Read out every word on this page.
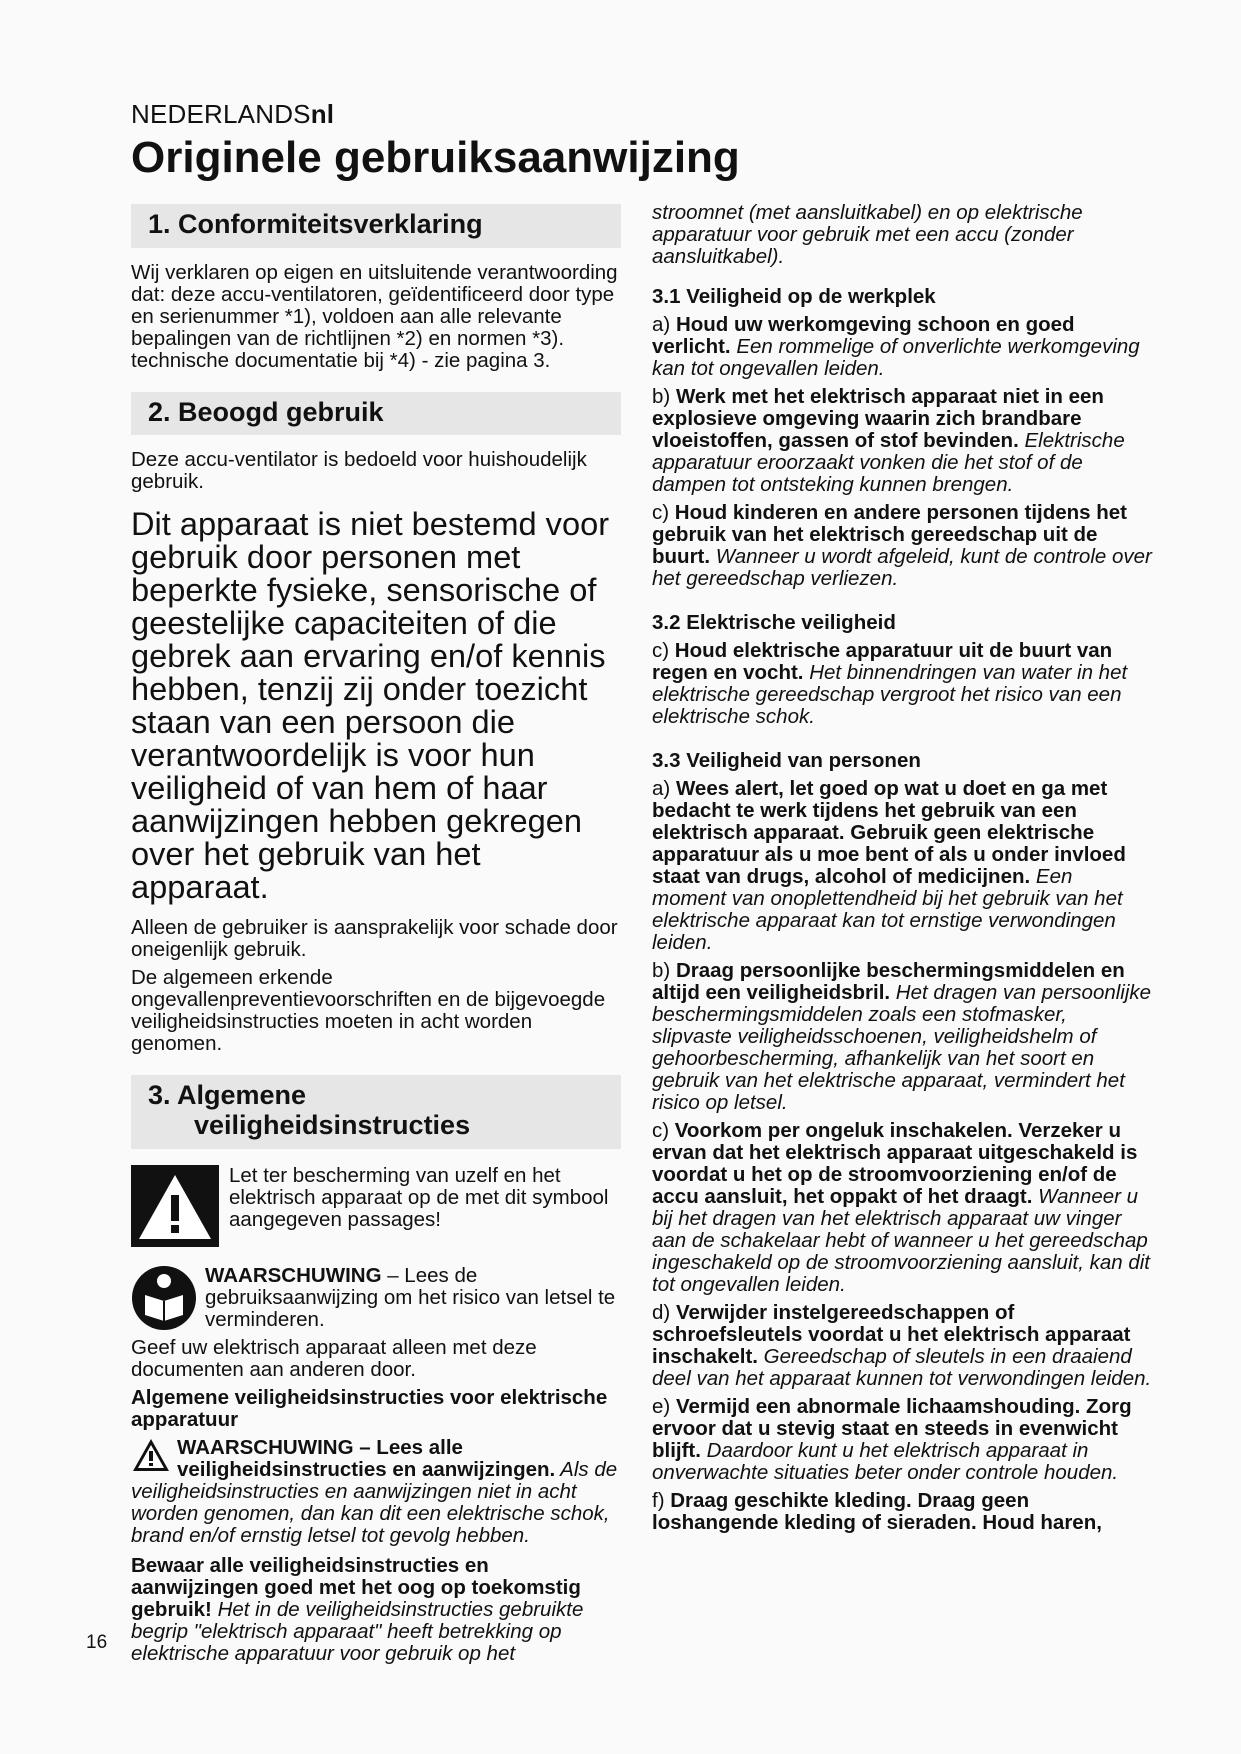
NEDERLANDSnl
Originele gebruiksaanwijzing
1. Conformiteitsverklaring

Wij verklaren op eigen en uitsluitende verantwoording dat: deze accu-ventilatoren, geïdentificeerd door type en serienummer *1), voldoen aan alle relevante bepalingen van de richtlijnen *2) en normen *3). technische documentatie bij *4) - zie pagina 3.

2. Beoogd gebruik

Deze accu-ventilator is bedoeld voor huishoudelijk gebruik.

Dit apparaat is niet bestemd voor gebruik door personen met beperkte fysieke, sensorische of geestelijke capaciteiten of die gebrek aan ervaring en/of kennis hebben, tenzij zij onder toezicht staan van een persoon die verantwoordelijk is voor hun veiligheid of van hem of haar aanwijzingen hebben gekregen over het gebruik van het apparaat.

Alleen de gebruiker is aansprakelijk voor schade door oneigenlijk gebruik.

De algemeen erkende ongevallenpreventievoorschriften en de bijgevoegde veiligheidsinstructies moeten in acht worden genomen.

3. Algemene
veiligheidsinstructies

Let ter bescherming van uzelf en het elektrisch apparaat op de met dit symbool aangegeven passages!

WAARSCHUWING – Lees de gebruiksaanwijzing om het risico van letsel te verminderen.

Geef uw elektrisch apparaat alleen met deze documenten aan anderen door.

Algemene veiligheidsinstructies voor elektrische apparatuur

WAARSCHUWING – Lees alle veiligheidsinstructies en aanwijzingen. Als de veiligheidsinstructies en aanwijzingen niet in acht worden genomen, dan kan dit een elektrische schok, brand en/of ernstig letsel tot gevolg hebben.

Bewaar alle veiligheidsinstructies en aanwijzingen goed met het oog op toekomstig gebruik! Het in de veiligheidsinstructies gebruikte begrip "elektrisch apparaat" heeft betrekking op elektrische apparatuur voor gebruik op het

stroomnet (met aansluitkabel) en op elektrische apparatuur voor gebruik met een accu (zonder aansluitkabel).

3.1 Veiligheid op de werkplek

a) Houd uw werkomgeving schoon en goed verlicht. Een rommelige of onverlichte werkomgeving kan tot ongevallen leiden.

b) Werk met het elektrisch apparaat niet in een explosieve omgeving waarin zich brandbare vloeistoffen, gassen of stof bevinden. Elektrische apparatuur eroorzaakt vonken die het stof of de dampen tot ontsteking kunnen brengen.

c) Houd kinderen en andere personen tijdens het gebruik van het elektrisch gereedschap uit de buurt. Wanneer u wordt afgeleid, kunt de controle over het gereedschap verliezen.

3.2 Elektrische veiligheid

c) Houd elektrische apparatuur uit de buurt van regen en vocht. Het binnendringen van water in het elektrische gereedschap vergroot het risico van een elektrische schok.

3.3 Veiligheid van personen

a) Wees alert, let goed op wat u doet en ga met bedacht te werk tijdens het gebruik van een elektrisch apparaat. Gebruik geen elektrische apparatuur als u moe bent of als u onder invloed staat van drugs, alcohol of medicijnen. Een moment van onoplettendheid bij het gebruik van het elektrische apparaat kan tot ernstige verwondingen leiden.

b) Draag persoonlijke beschermingsmiddelen en altijd een veiligheidsbril. Het dragen van persoonlijke beschermingsmiddelen zoals een stofmasker, slipvaste veiligheidsschoenen, veiligheidshelm of gehoorbescherming, afhankelijk van het soort en gebruik van het elektrische apparaat, vermindert het risico op letsel.

c) Voorkom per ongeluk inschakelen. Verzeker u ervan dat het elektrisch apparaat uitgeschakeld is voordat u het op de stroomvoorziening en/of de accu aansluit, het oppakt of het draagt. Wanneer u bij het dragen van het elektrisch apparaat uw vinger aan de schakelaar hebt of wanneer u het gereedschap ingeschakeld op de stroomvoorziening aansluit, kan dit tot ongevallen leiden.

d) Verwijder instelgereedschappen of schroefsleutels voordat u het elektrisch apparaat inschakelt. Gereedschap of sleutels in een draaiend deel van het apparaat kunnen tot verwondingen leiden.

e) Vermijd een abnormale lichaamshouding. Zorg ervoor dat u stevig staat en steeds in evenwicht blijft. Daardoor kunt u het elektrisch apparaat in onverwachte situaties beter onder controle houden.

f) Draag geschikte kleding. Draag geen loshangende kleding of sieraden. Houd haren,

16
